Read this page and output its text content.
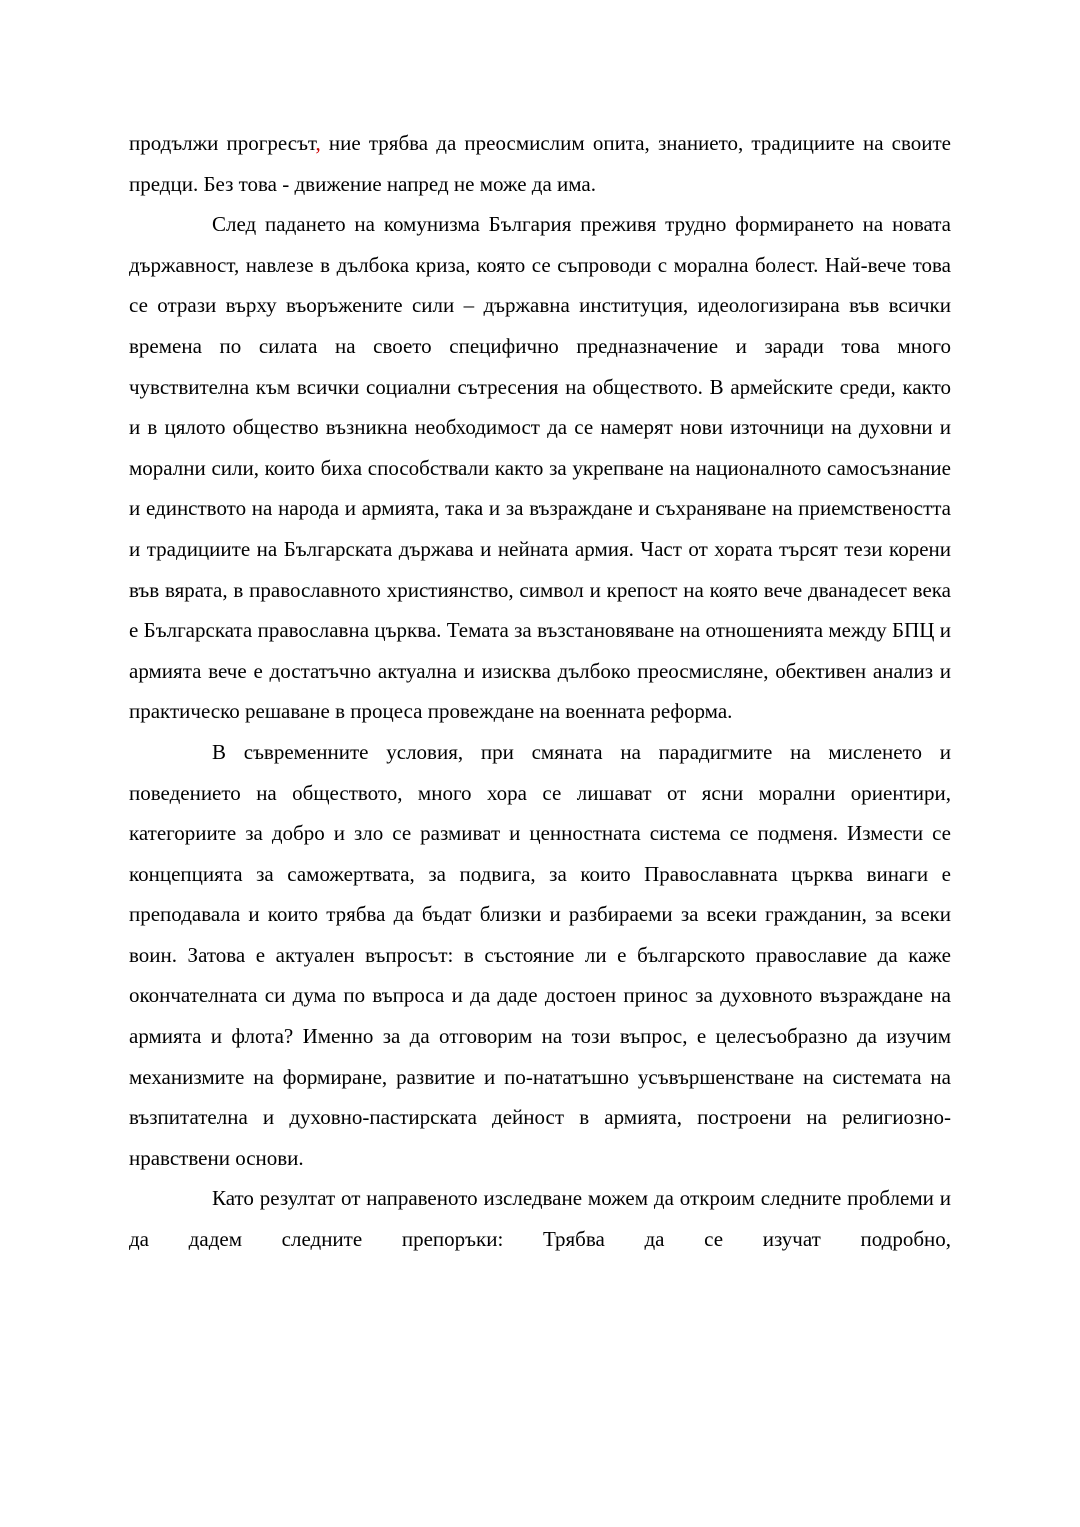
продължи прогресът, ние трябва да преосмислим опита, знанието, традициите на своите предци. Без това - движение напред не може да има.

След падането на комунизма България преживя трудно формирането на новата държавност, навлезе в дълбока криза, която се съпроводи с морална болест. Най-вече това се отрази върху въоръжените сили – държавна институция, идеологизирана във всички времена по силата на своето специфично предназначение и заради това много чувствителна към всички социални сътресения на обществото. В армейските среди, както и в цялото общество възникна необходимост да се намерят нови източници на духовни и морални сили, които биха способствали както за укрепване на националното самосъзнание и единството на народа и армията, така и за възраждане и съхраняване на приемствеността и традициите на Българската държава и нейната армия. Част от хората търсят тези корени във вярата, в православното християнство, символ и крепост на която вече дванадесет века е Българската православна църква. Темата за възстановяване на отношенията между БПЦ и армията вече е достатъчно актуална и изисква дълбоко преосмисляне, обективен анализ и практическо решаване в процеса провеждане на военната реформа.

В съвременните условия, при смяната на парадигмите на мисленето и поведението на обществото, много хора се лишават от ясни морални ориентири, категориите за добро и зло се размиват и ценностната система се подменя. Измести се концепцията за саможертвата, за подвига, за които Православната църква винаги е преподавала и които трябва да бъдат близки и разбираеми за всеки гражданин, за всеки воин. Затова е актуален въпросът: в състояние ли е българското православие да каже окончателната си дума по въпроса и да даде достоен принос за духовното възраждане на армията и флота? Именно за да отговорим на този въпрос, е целесъобразно да изучим механизмите на формиране, развитие и по-нататъшно усъвършенстване на системата на възпитателна и духовно-пастирската дейност в армията, построени на религиозно-нравствени основи.

Като резултат от направеното изследване можем да откроим следните проблеми и да дадем следните препоръки: Трябва да се изучат подробно,
